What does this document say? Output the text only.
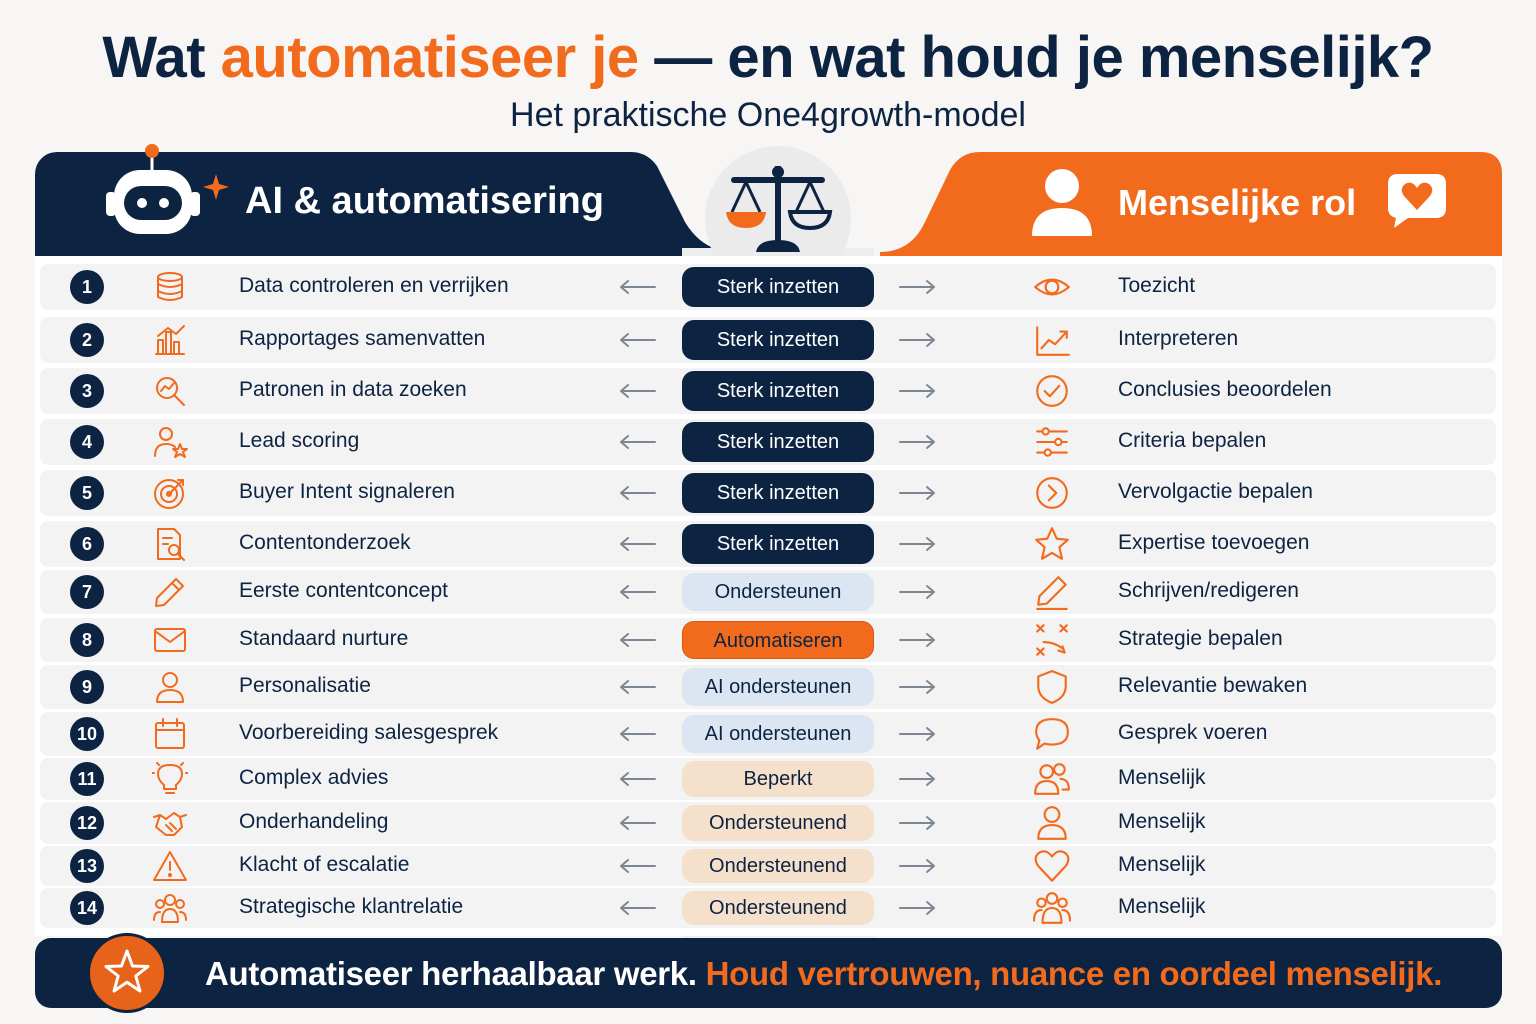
Wat automatiseer je — en wat houd je menselijk?
Het praktische One4growth-model
AI & automatisering	Menselijke rol
1	Data controleren en verrijken	Sterk inzetten	Toezicht
2	Rapportages samenvatten	Sterk inzetten	Interpreteren
3	Patronen in data zoeken	Sterk inzetten	Conclusies beoordelen
4	Lead scoring	Sterk inzetten	Criteria bepalen
5	Buyer Intent signaleren	Sterk inzetten	Vervolgactie bepalen
6	Contentonderzoek	Sterk inzetten	Expertise toevoegen
7	Eerste contentconcept	Ondersteunen	Schrijven/redigeren
8	Standaard nurture	Automatiseren	Strategie bepalen
9	Personalisatie	AI ondersteunen	Relevantie bewaken
10	Voorbereiding salesgesprek	AI ondersteunen	Gesprek voeren
11	Complex advies	Beperkt	Menselijk
12	Onderhandeling	Ondersteunend	Menselijk
13	Klacht of escalatie	Ondersteunend	Menselijk
14	Strategische klantrelatie	Ondersteunend	Menselijk
Automatiseer herhaalbaar werk. Houd vertrouwen, nuance en oordeel menselijk.
